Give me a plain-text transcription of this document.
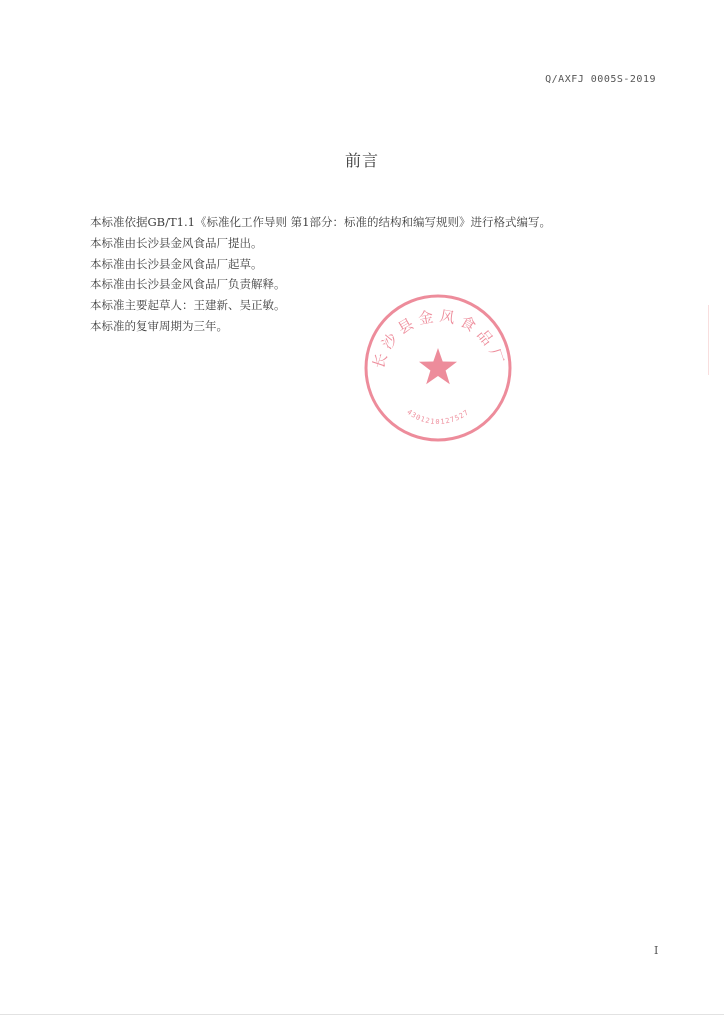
Q/AXFJ 0005S-2019
前言
本标准依据GB/T1.1《标准化工作导则 第1部分：标准的结构和编写规则》进行格式编写。
本标准由长沙县金风食品厂提出。
本标准由长沙县金风食品厂起草。
本标准由长沙县金风食品厂负责解释。
本标准主要起草人：王建新、吴正敏。
本标准的复审周期为三年。
长沙县金风食品厂
4301210127527
I
